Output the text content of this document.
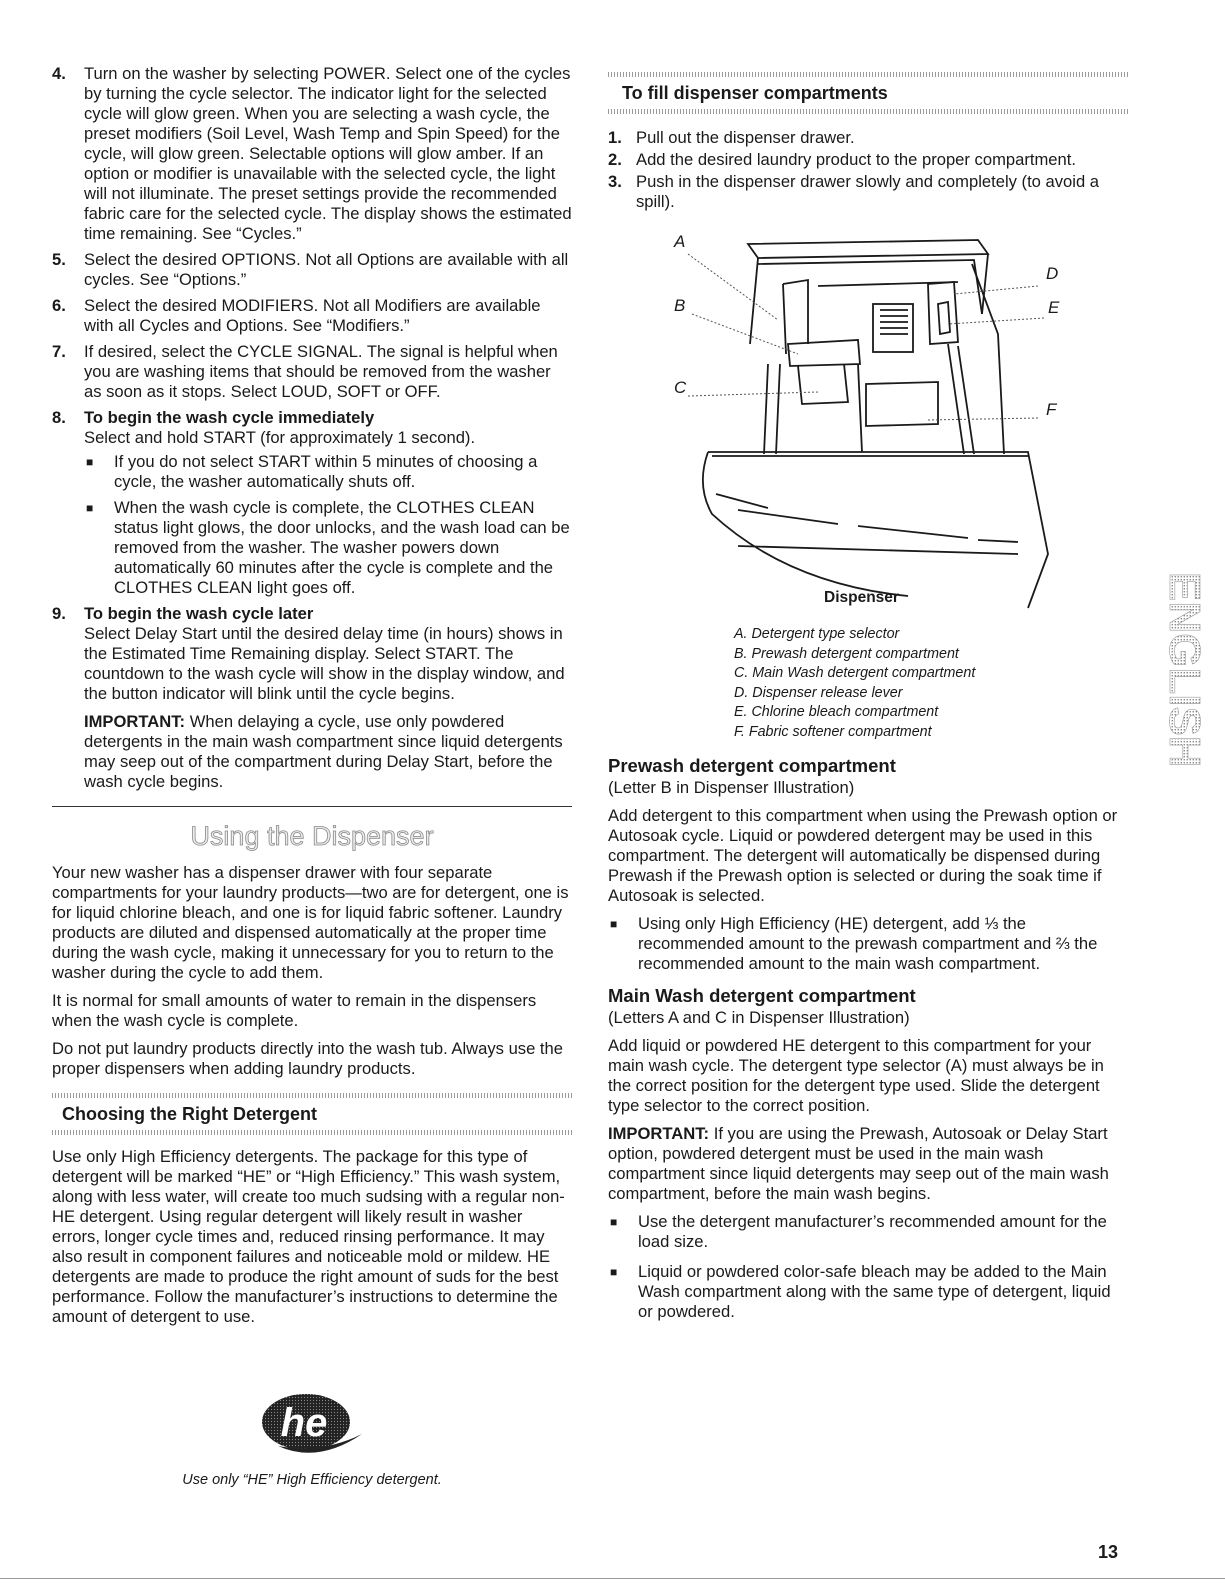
4. Turn on the washer by selecting POWER. Select one of the cycles by turning the cycle selector. The indicator light for the selected cycle will glow green. When you are selecting a wash cycle, the preset modifiers (Soil Level, Wash Temp and Spin Speed) for the cycle, will glow green. Selectable options will glow amber. If an option or modifier is unavailable with the selected cycle, the light will not illuminate. The preset settings provide the recommended fabric care for the selected cycle. The display shows the estimated time remaining. See “Cycles.”
5. Select the desired OPTIONS. Not all Options are available with all cycles. See “Options.”
6. Select the desired MODIFIERS. Not all Modifiers are available with all Cycles and Options. See “Modifiers.”
7. If desired, select the CYCLE SIGNAL. The signal is helpful when you are washing items that should be removed from the washer as soon as it stops. Select LOUD, SOFT or OFF.
8. To begin the wash cycle immediately
Select and hold START (for approximately 1 second).
■ If you do not select START within 5 minutes of choosing a cycle, the washer automatically shuts off.
■ When the wash cycle is complete, the CLOTHES CLEAN status light glows, the door unlocks, and the wash load can be removed from the washer. The washer powers down automatically 60 minutes after the cycle is complete and the CLOTHES CLEAN light goes off.
9. To begin the wash cycle later
Select Delay Start until the desired delay time (in hours) shows in the Estimated Time Remaining display. Select START. The countdown to the wash cycle will show in the display window, and the button indicator will blink until the cycle begins.
IMPORTANT: When delaying a cycle, use only powdered detergents in the main wash compartment since liquid detergents may seep out of the compartment during Delay Start, before the wash cycle begins.
Using the Dispenser

Your new washer has a dispenser drawer with four separate compartments for your laundry products—two are for detergent, one is for liquid chlorine bleach, and one is for liquid fabric softener. Laundry products are diluted and dispensed automatically at the proper time during the wash cycle, making it unnecessary for you to return to the washer during the cycle to add them.

It is normal for small amounts of water to remain in the dispensers when the wash cycle is complete.

Do not put laundry products directly into the wash tub. Always use the proper dispensers when adding laundry products.

Choosing the Right Detergent

Use only High Efficiency detergents. The package for this type of detergent will be marked “HE” or “High Efficiency.” This wash system, along with less water, will create too much sudsing with a regular non-HE detergent. Using regular detergent will likely result in washer errors, longer cycle times and, reduced rinsing performance. It may also result in component failures and noticeable mold or mildew. HE detergents are made to produce the right amount of suds for the best performance. Follow the manufacturer’s instructions to determine the amount of detergent to use.

he
Use only “HE” High Efficiency detergent.
To fill dispenser compartments
1. Pull out the dispenser drawer.
2. Add the desired laundry product to the proper compartment.
3. Push in the dispenser drawer slowly and completely (to avoid a spill).
A
B
C
D
E
F
Dispenser
A. Detergent type selector
B. Prewash detergent compartment
C. Main Wash detergent compartment
D. Dispenser release lever
E. Chlorine bleach compartment
F. Fabric softener compartment
Prewash detergent compartment

(Letter B in Dispenser Illustration)

Add detergent to this compartment when using the Prewash option or Autosoak cycle. Liquid or powdered detergent may be used in this compartment. The detergent will automatically be dispensed during Prewash if the Prewash option is selected or during the soak time if Autosoak is selected.

■ Using only High Efficiency (HE) detergent, add ⅓ the recommended amount to the prewash compartment and ⅔ the recommended amount to the main wash compartment.
Main Wash detergent compartment

(Letters A and C in Dispenser Illustration)

Add liquid or powdered HE detergent to this compartment for your main wash cycle. The detergent type selector (A) must always be in the correct position for the detergent type used. Slide the detergent type selector to the correct position.

IMPORTANT: If you are using the Prewash, Autosoak or Delay Start option, powdered detergent must be used in the main wash compartment since liquid detergents may seep out of the main wash compartment, before the main wash begins.

■ Use the detergent manufacturer’s recommended amount for the load size.
■ Liquid or powdered color-safe bleach may be added to the Main Wash compartment along with the same type of detergent, liquid or powdered.
ENGLISH
13
